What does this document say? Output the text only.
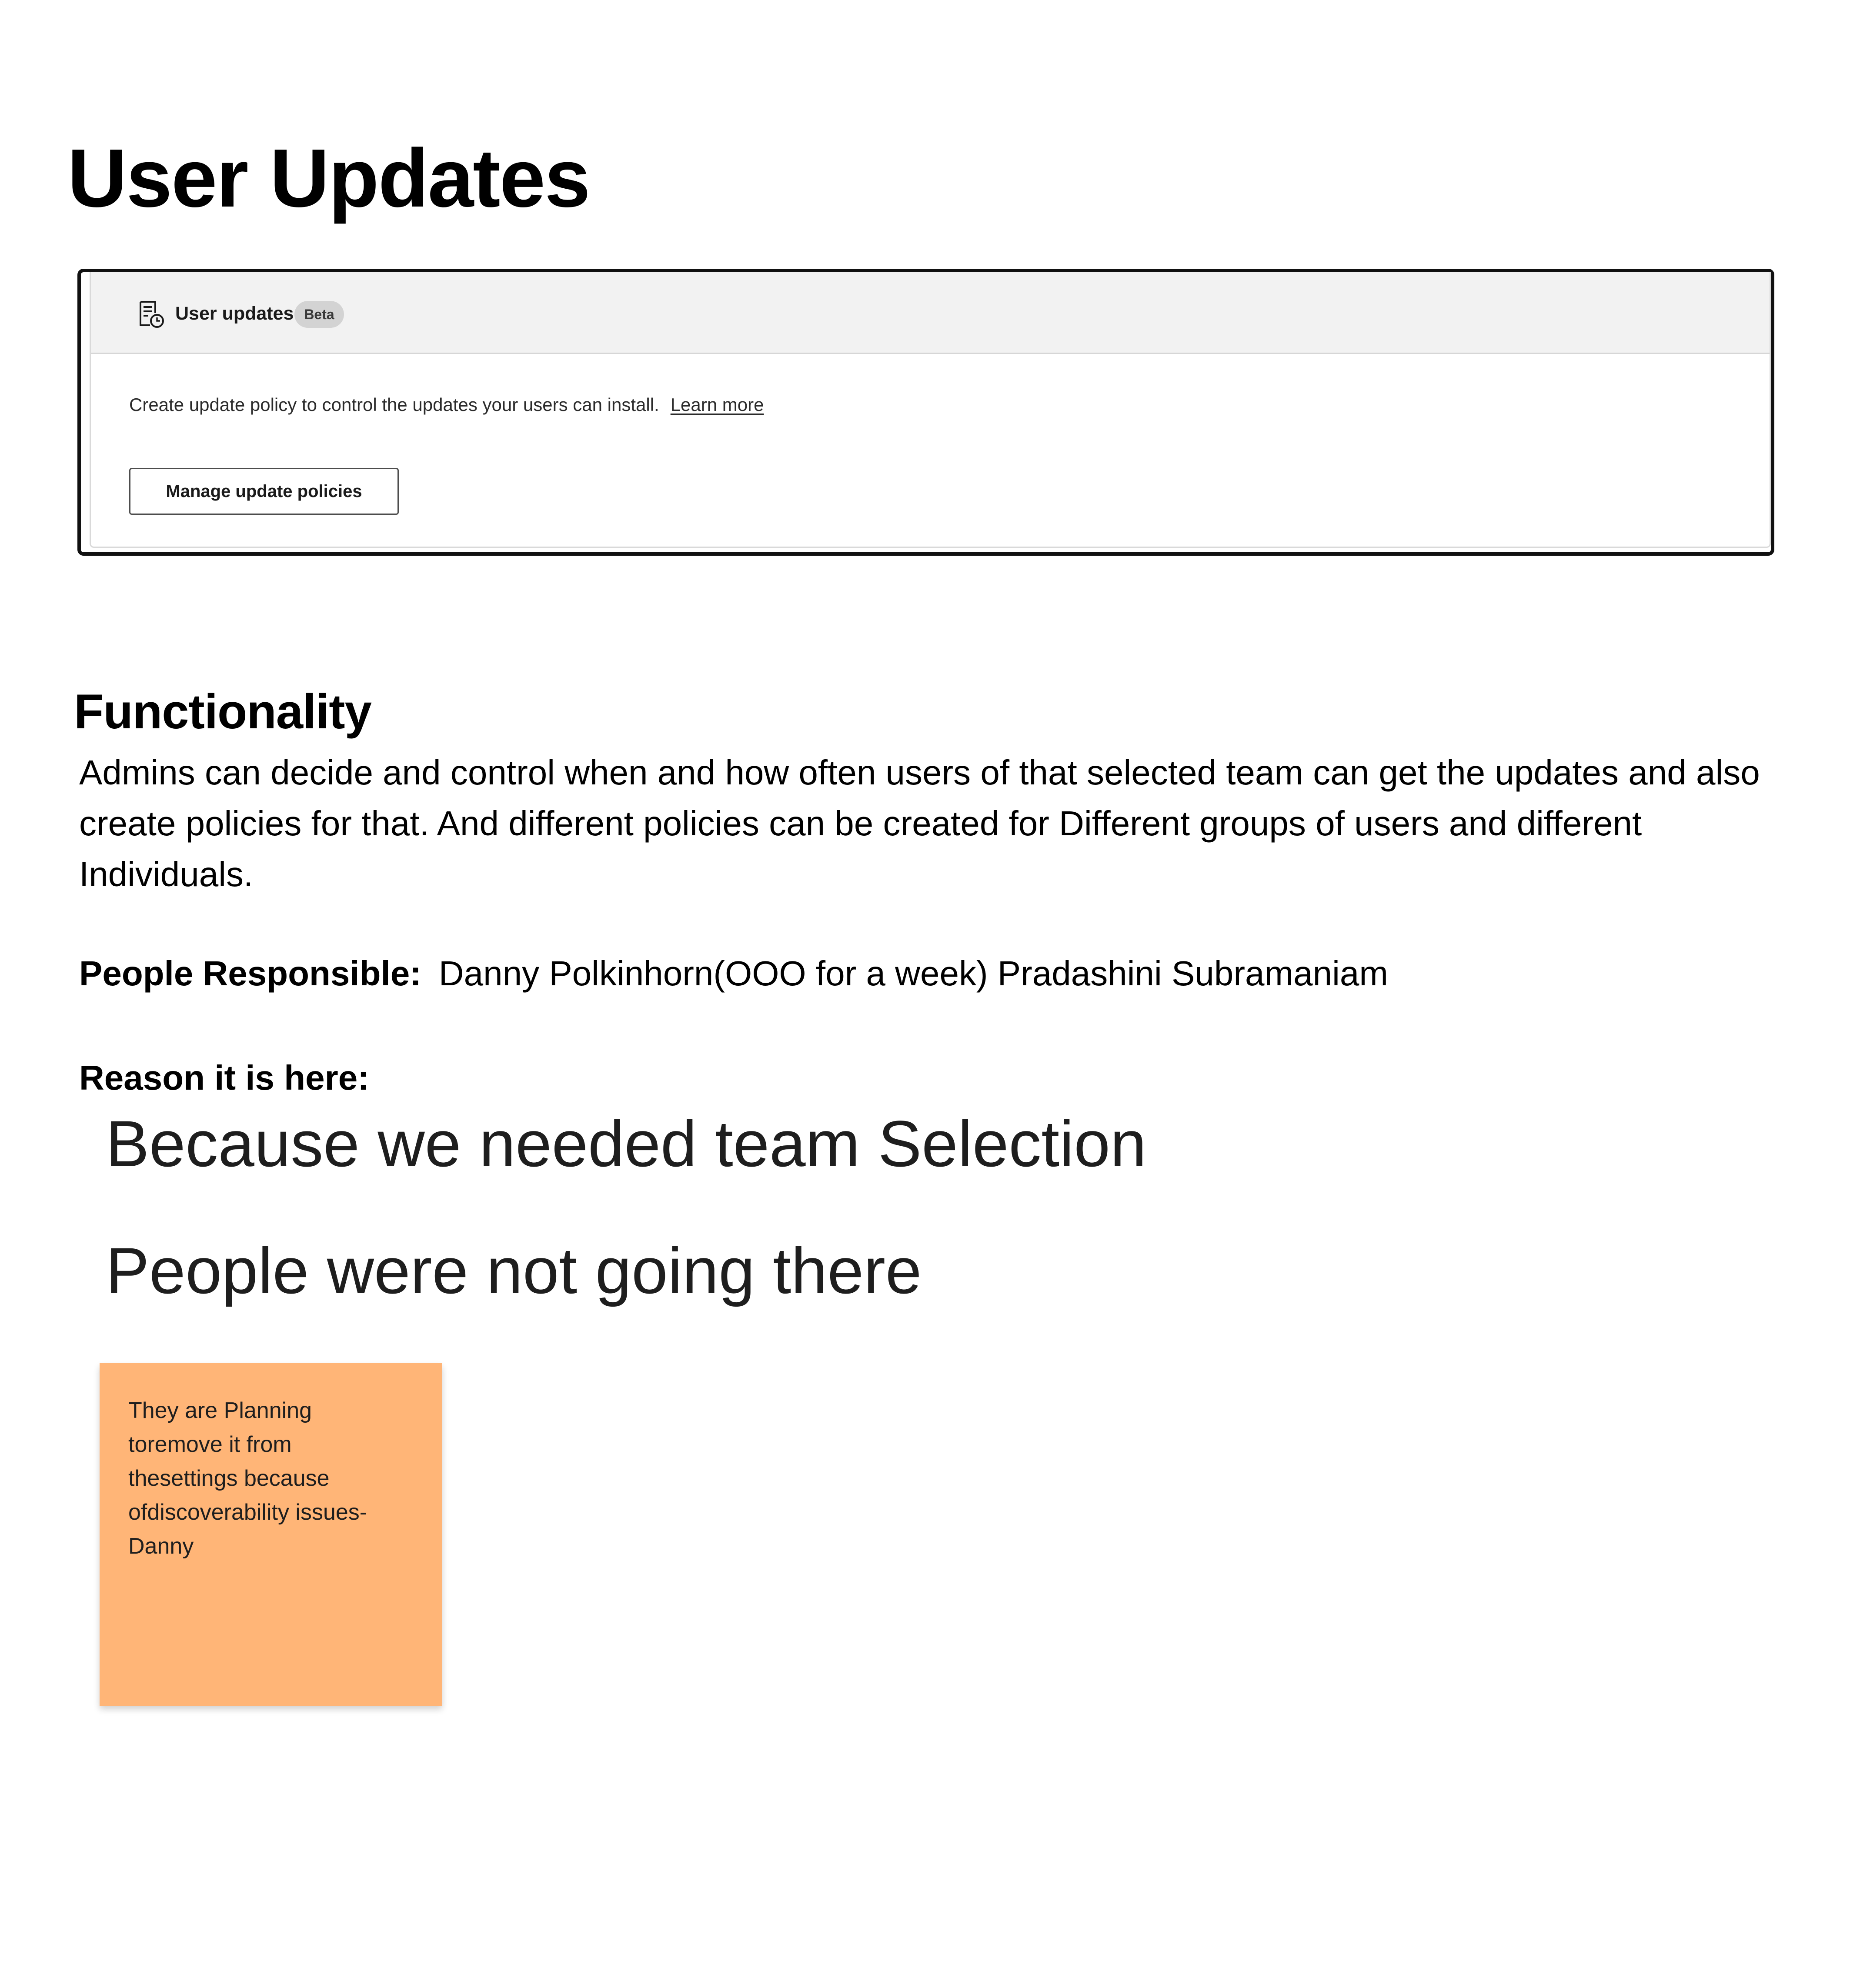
User Updates
User updates Beta
Create update policy to control the updates your users can install. Learn more
Manage update policies
Functionality

Admins can decide and control when and how often users of that selected team can get the updates and also create policies for that. And different policies can be created for Different groups of users and different Individuals.

People Responsible: Danny Polkinhorn(OOO for a week) Pradashini Subramaniam

Reason it is here:

Because we needed team Selection

People were not going there

They are Planning
toremove it from
thesettings because
ofdiscoverability issues-
Danny
